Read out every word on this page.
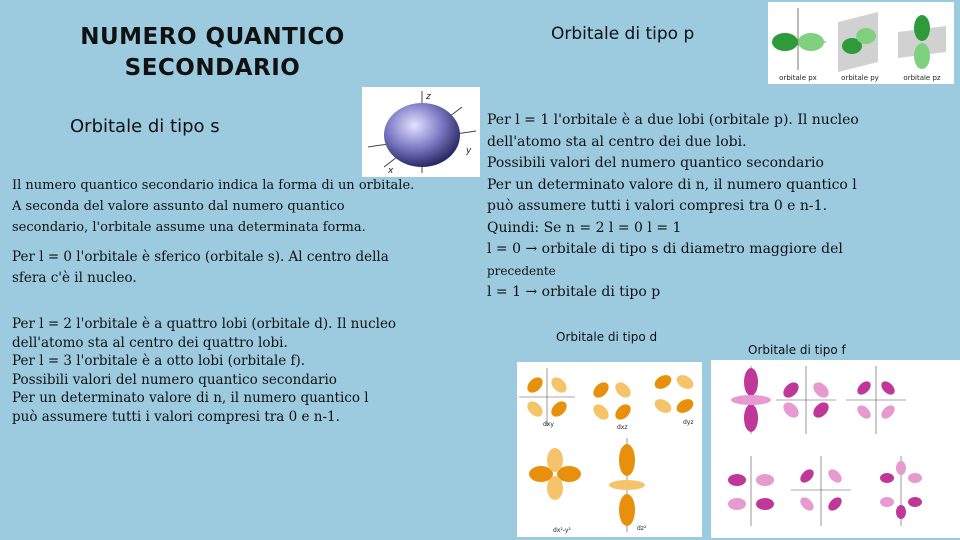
NUMERO QUANTICO
SECONDARIO
Orbitale di tipo s
z
y
x
Il numero quantico secondario indica la forma di un orbitale.
A seconda del valore assunto dal numero quantico
secondario, l'orbitale assume una determinata forma.
Per l = 0 l'orbitale è sferico (orbitale s). Al centro della
sfera c'è il nucleo.
Per l = 2 l'orbitale è a quattro lobi (orbitale d). Il nucleo
dell'atomo sta al centro dei quattro lobi.
Per l = 3 l'orbitale è a otto lobi (orbitale f).
Possibili valori del numero quantico secondario
Per un determinato valore di n, il numero quantico l
può assumere tutti i valori compresi tra 0 e n-1.
Orbitale di tipo p
orbitale px	orbitale py	orbitale pz
Per l = 1 l'orbitale è a due lobi (orbitale p). Il nucleo
dell'atomo sta al centro dei due lobi.
Possibili valori del numero quantico secondario
Per un determinato valore di n, il numero quantico l
può assumere tutti i valori compresi tra 0 e n-1.
Quindi: Se n = 2 l = 0 l = 1
l = 0 → orbitale di tipo s di diametro maggiore del
precedente
l = 1 → orbitale di tipo p
Orbitale di tipo d
dxy	dxz
dyz
dx²-y²	dz²
Orbitale di tipo f
